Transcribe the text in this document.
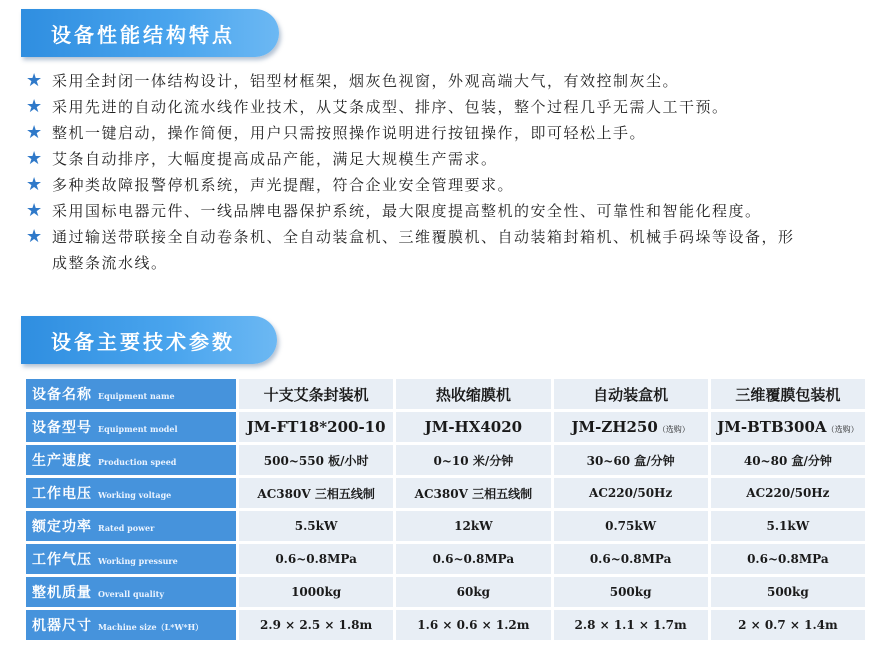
设备性能结构特点
★ 采用全封闭一体结构设计，铝型材框架，烟灰色视窗，外观高端大气，有效控制灰尘。
★ 采用先进的自动化流水线作业技术，从艾条成型、排序、包装，整个过程几乎无需人工干预。
★ 整机一键启动，操作简便，用户只需按照操作说明进行按钮操作，即可轻松上手。
★ 艾条自动排序，大幅度提高成品产能，满足大规模生产需求。
★ 多种类故障报警停机系统，声光提醒，符合企业安全管理要求。
★ 采用国标电器元件、一线品牌电器保护系统，最大限度提高整机的安全性、可靠性和智能化程度。
★ 通过输送带联接全自动卷条机、全自动装盒机、三维覆膜机、自动装箱封箱机、机械手码垛等设备，形成整条流水线。
设备主要技术参数
设备名称 Equipment name	十支艾条封装机	热收缩膜机	自动装盒机	三维覆膜包装机
设备型号 Equipment model	JM-FT18*200-10	JM-HX4020	JM-ZH250（选购）	JM-BTB300A（选购）
生产速度 Production speed	500~550 板/小时	0~10 米/分钟	30~60 盒/分钟	40~80 盒/分钟
工作电压 Working voltage	AC380V 三相五线制	AC380V 三相五线制	AC220/50Hz	AC220/50Hz
额定功率 Rated power	5.5kW	12kW	0.75kW	5.1kW
工作气压 Working pressure	0.6~0.8MPa	0.6~0.8MPa	0.6~0.8MPa	0.6~0.8MPa
整机质量 Overall quality	1000kg	60kg	500kg	500kg
机器尺寸 Machine size（L*W*H）	2.9 × 2.5 × 1.8m	1.6 × 0.6 × 1.2m	2.8 × 1.1 × 1.7m	2 × 0.7 × 1.4m
